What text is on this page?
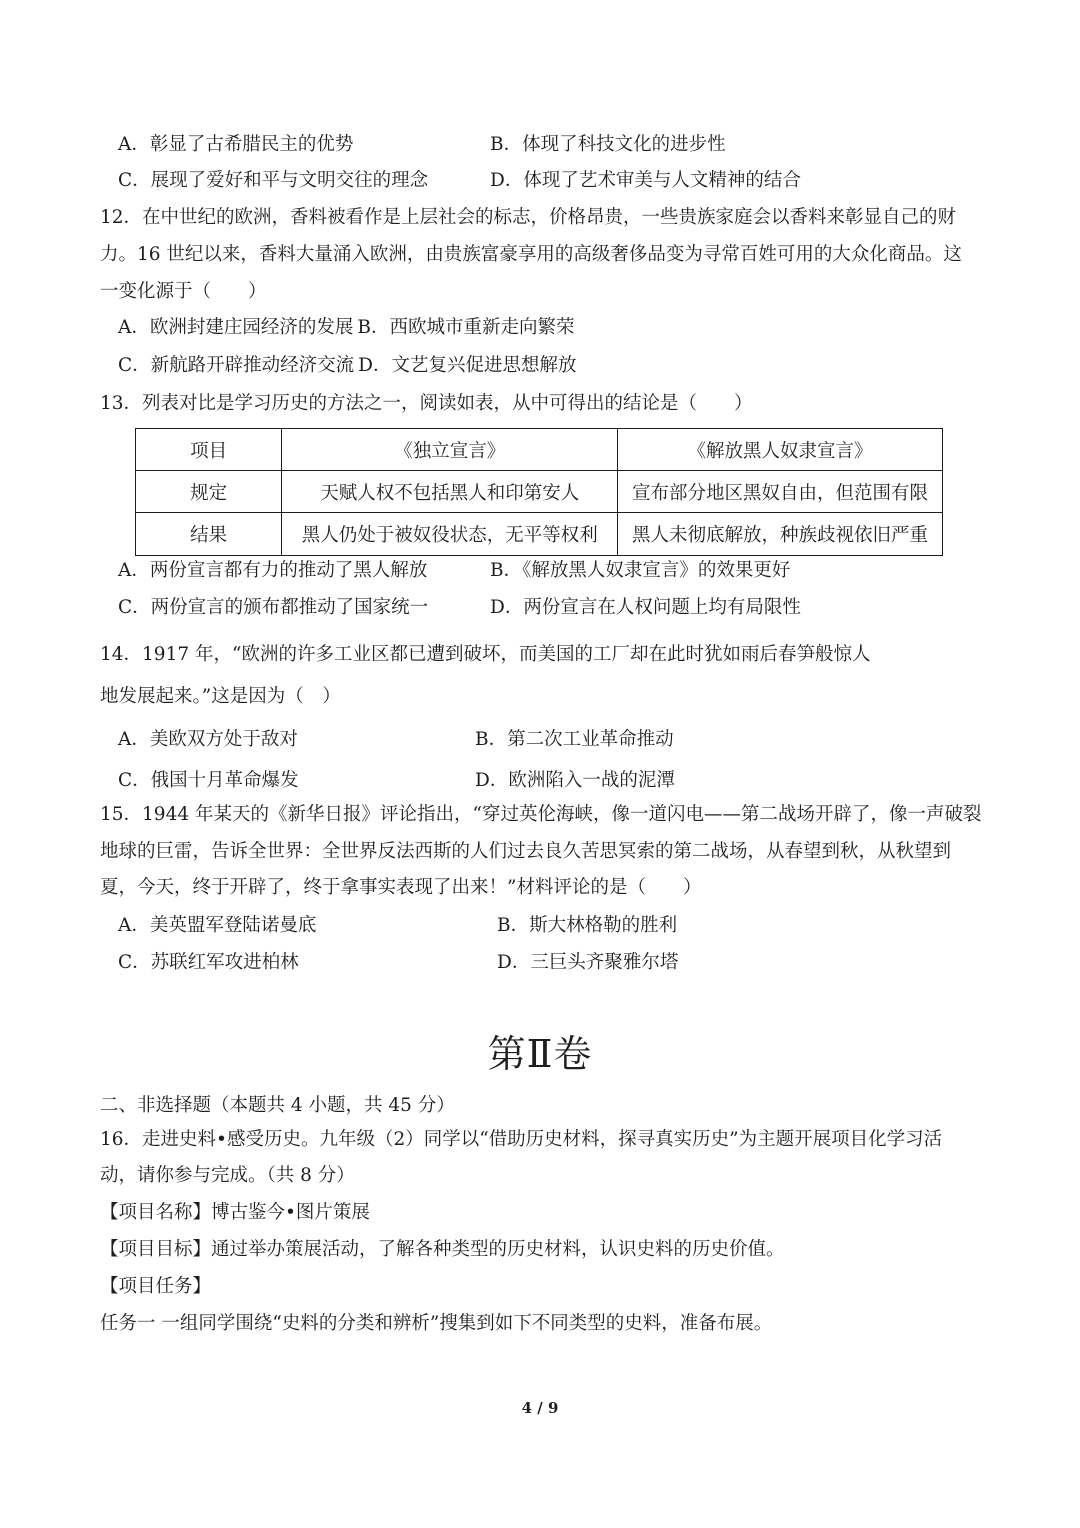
A．彰显了古希腊民主的优势	B．体现了科技文化的进步性
C．展现了爱好和平与文明交往的理念	D．体现了艺术审美与人文精神的结合
12．在中世纪的欧洲，香料被看作是上层社会的标志，价格昂贵，一些贵族家庭会以香料来彰显自己的财
力。16 世纪以来，香料大量涌入欧洲，由贵族富豪享用的高级奢侈品变为寻常百姓可用的大众化商品。这
一变化源于（　　）
A．欧洲封建庄园经济的发展 B．西欧城市重新走向繁荣
C．新航路开辟推动经济交流 D．文艺复兴促进思想解放
13．列表对比是学习历史的方法之一，阅读如表，从中可得出的结论是（　　）
项目	《独立宣言》	《解放黑人奴隶宣言》
规定	天赋人权不包括黑人和印第安人	宣布部分地区黑奴自由，但范围有限
结果	黑人仍处于被奴役状态，无平等权利	黑人未彻底解放，种族歧视依旧严重
A．两份宣言都有力的推动了黑人解放	B．《解放黑人奴隶宣言》的效果更好
C．两份宣言的颁布都推动了国家统一	D．两份宣言在人权问题上均有局限性
14．1917 年，“欧洲的许多工业区都已遭到破坏，而美国的工厂却在此时犹如雨后春笋般惊人
地发展起来。”这是因为（　）
A．美欧双方处于敌对	B．第二次工业革命推动
C．俄国十月革命爆发	D．欧洲陷入一战的泥潭
15．1944 年某天的《新华日报》评论指出，“穿过英伦海峡，像一道闪电——第二战场开辟了，像一声破裂
地球的巨雷，告诉全世界：全世界反法西斯的人们过去良久苦思冥索的第二战场，从春望到秋，从秋望到
夏，今天，终于开辟了，终于拿事实表现了出来！”材料评论的是（　　）
A．美英盟军登陆诺曼底	B．斯大林格勒的胜利
C．苏联红军攻进柏林	D．三巨头齐聚雅尔塔
第Ⅱ卷
二、非选择题（本题共 4 小题，共 45 分）
16．走进史料•感受历史。九年级（2）同学以“借助历史材料，探寻真实历史”为主题开展项目化学习活
动，请你参与完成。（共 8 分）
【项目名称】博古鉴今•图片策展
【项目目标】通过举办策展活动，了解各种类型的历史材料，认识史料的历史价值。
【项目任务】
任务一 一组同学围绕“史料的分类和辨析”搜集到如下不同类型的史料，准备布展。
4 / 9
